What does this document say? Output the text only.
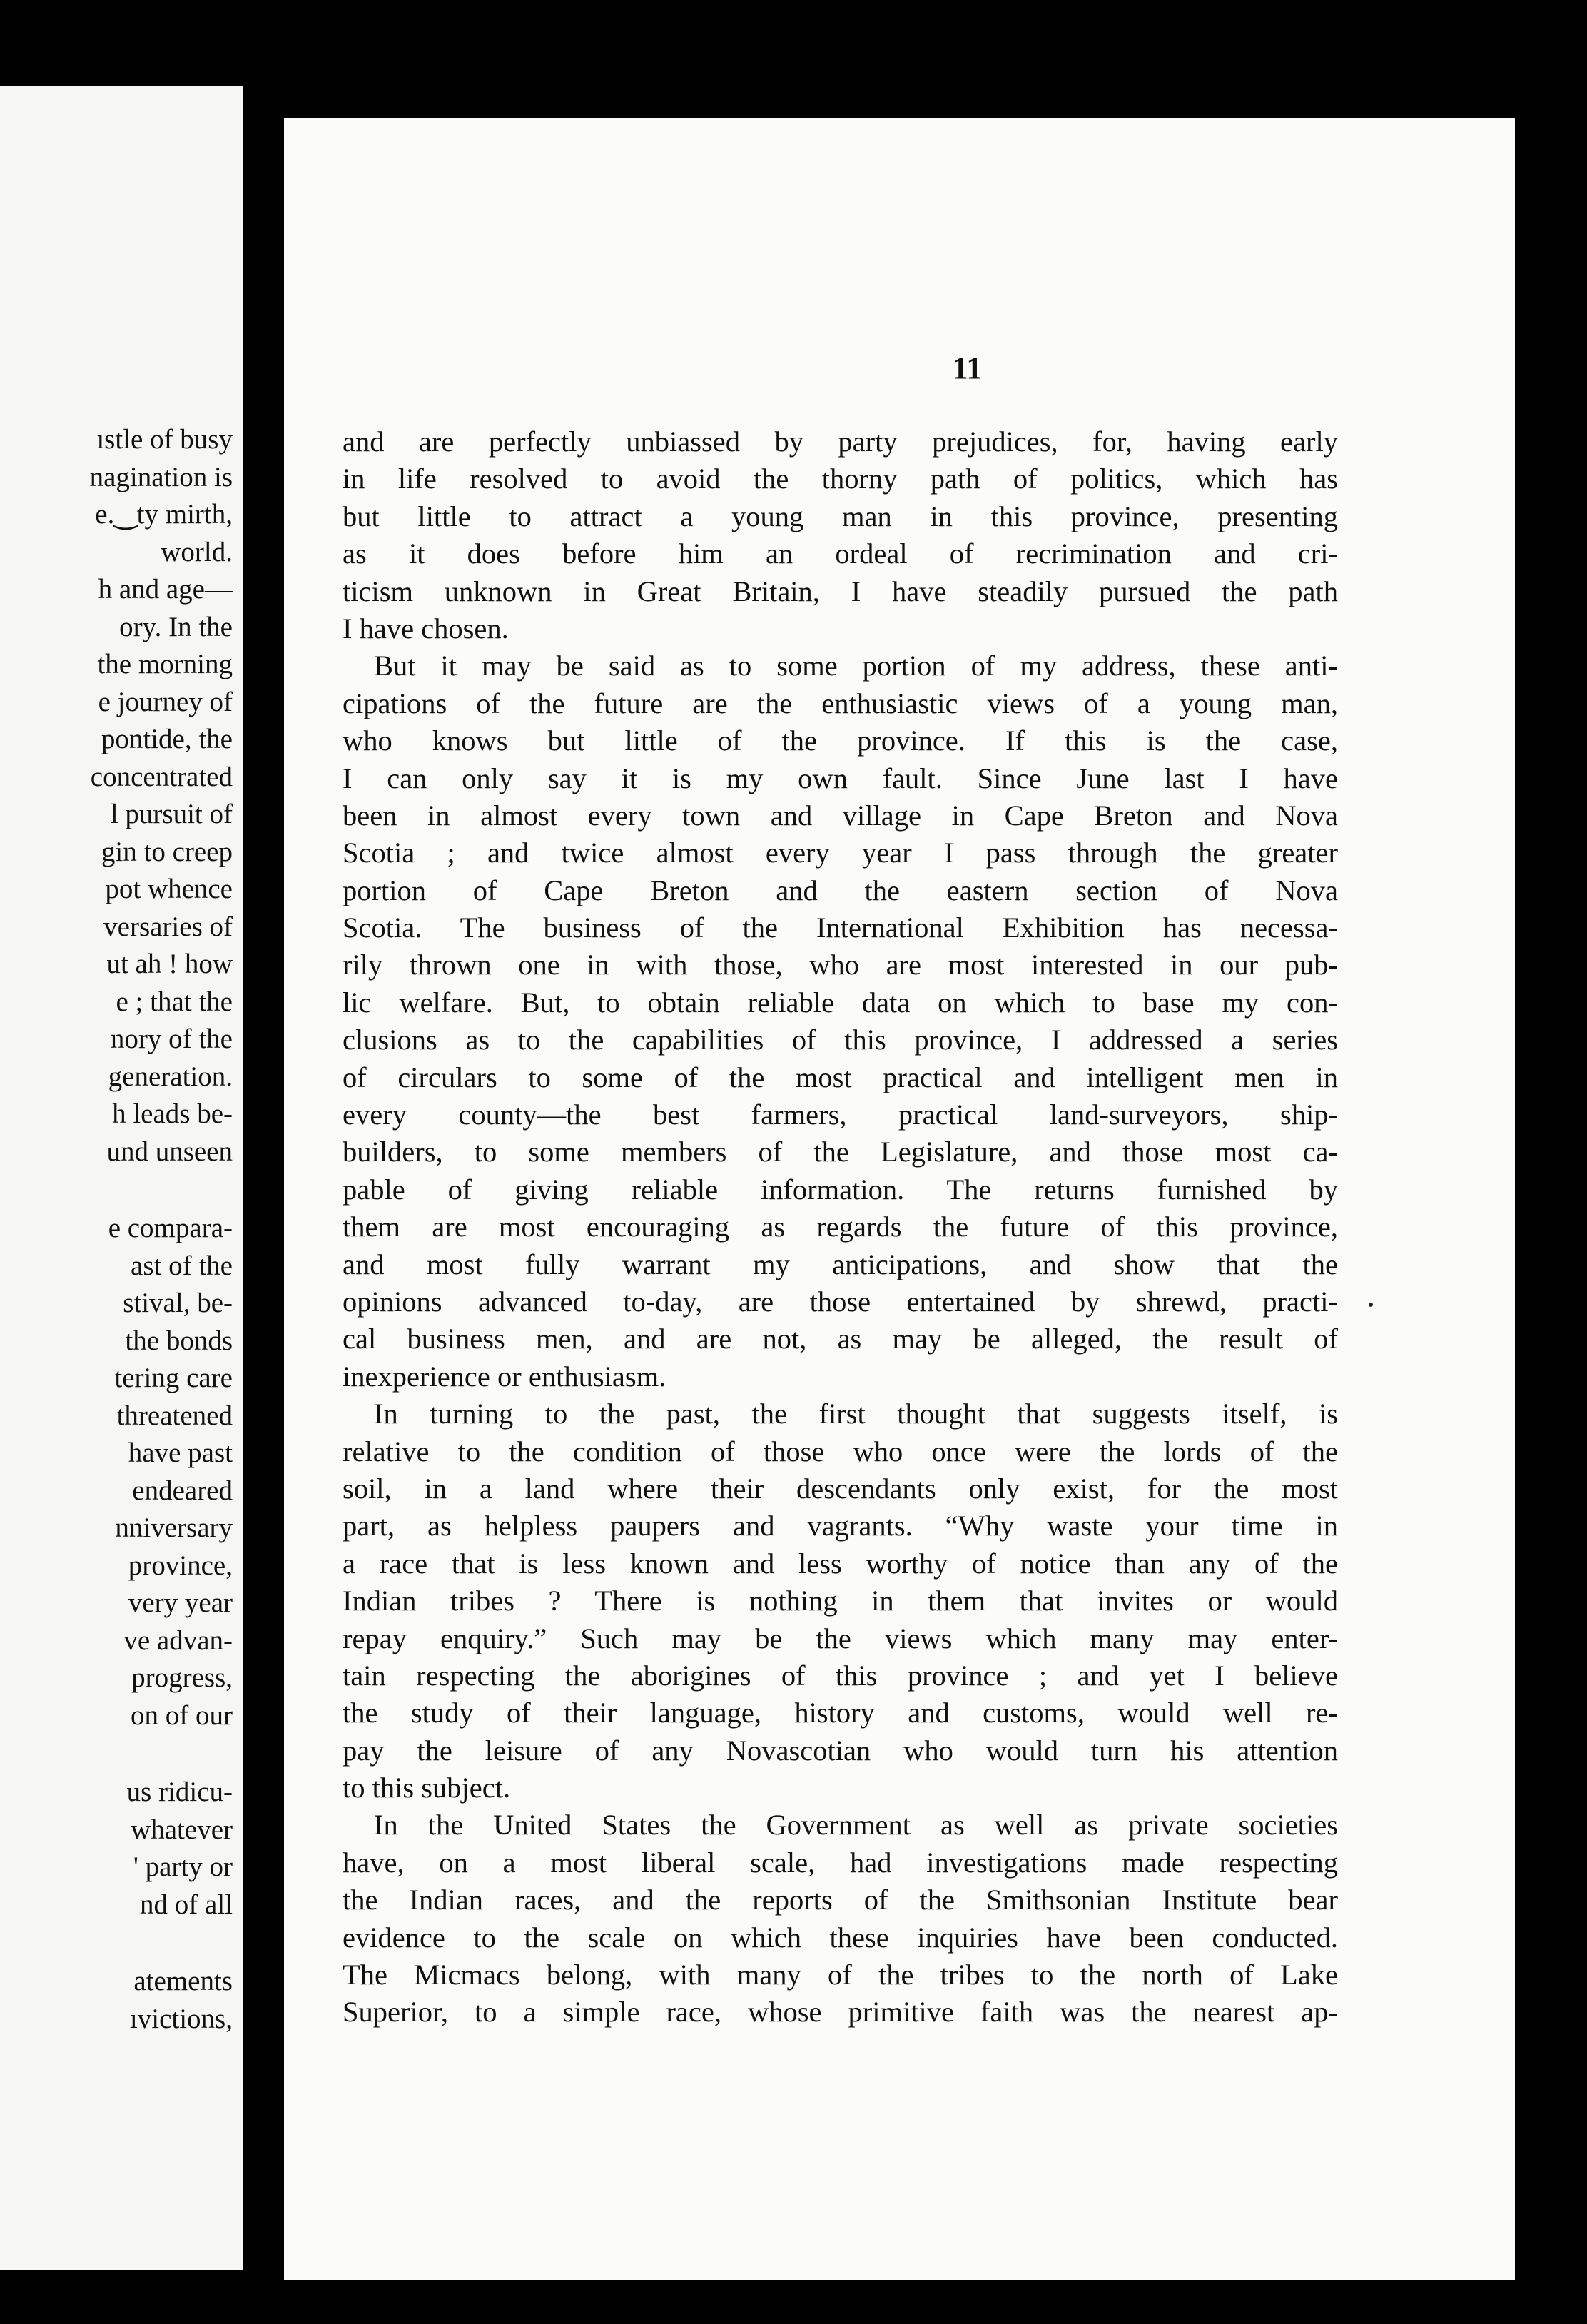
ıstle of busy
nagination is
e.‿ty mirth,
world.
h and age—
ory. In the
the morning
e journey of
pontide, the
concentrated
l pursuit of
gin to creep
pot whence
versaries of
ut ah ! how
e ; that the
nory of the
generation.
h leads be-
und unseen
e compara-
ast of the
stival, be-
the bonds
tering care
threatened
have past
endeared
nniversary
province,
very year
ve advan-
progress,
on of our
us ridicu-
whatever
' party or
nd of all
atements
ıvictions,
11
and are perfectly unbiassed by party prejudices, for, having early
in life resolved to avoid the thorny path of politics, which has
but little to attract a young man in this province, presenting
as it does before him an ordeal of recrimination and cri-
ticism unknown in Great Britain, I have steadily pursued the path
I have chosen.
But it may be said as to some portion of my address, these anti-
cipations of the future are the enthusiastic views of a young man,
who knows but little of the province. If this is the case,
I can only say it is my own fault. Since June last I have
been in almost every town and village in Cape Breton and Nova
Scotia ; and twice almost every year I pass through the greater
portion of Cape Breton and the eastern section of Nova
Scotia. The business of the International Exhibition has necessa-
rily thrown one in with those, who are most interested in our pub-
lic welfare. But, to obtain reliable data on which to base my con-
clusions as to the capabilities of this province, I addressed a series
of circulars to some of the most practical and intelligent men in
every county—the best farmers, practical land-surveyors, ship-
builders, to some members of the Legislature, and those most ca-
pable of giving reliable information. The returns furnished by
them are most encouraging as regards the future of this province,
and most fully warrant my anticipations, and show that the
opinions advanced to-day, are those entertained by shrewd, practi-
cal business men, and are not, as may be alleged, the result of
inexperience or enthusiasm.
In turning to the past, the first thought that suggests itself, is
relative to the condition of those who once were the lords of the
soil, in a land where their descendants only exist, for the most
part, as helpless paupers and vagrants. “Why waste your time in
a race that is less known and less worthy of notice than any of the
Indian tribes ? There is nothing in them that invites or would
repay enquiry.” Such may be the views which many may enter-
tain respecting the aborigines of this province ; and yet I believe
the study of their language, history and customs, would well re-
pay the leisure of any Novascotian who would turn his attention
to this subject.
In the United States the Government as well as private societies
have, on a most liberal scale, had investigations made respecting
the Indian races, and the reports of the Smithsonian Institute bear
evidence to the scale on which these inquiries have been conducted.
The Micmacs belong, with many of the tribes to the north of Lake
Superior, to a simple race, whose primitive faith was the nearest ap-
